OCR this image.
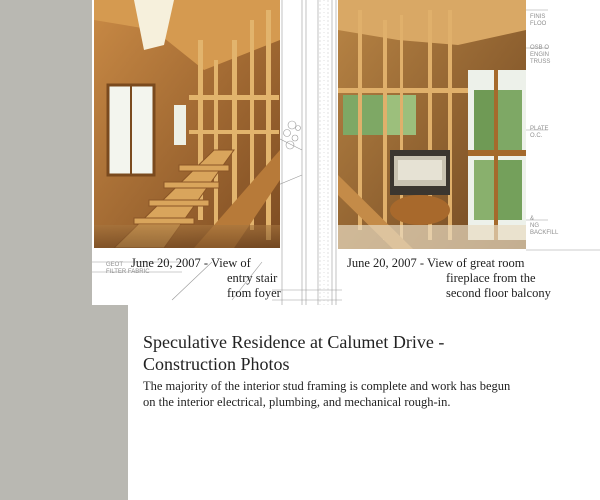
GEOT
FILTER FABRIC
FINIS
FLOO
OSB O
ENGIN
TRUSS
PLATE
O.C.
&
NG
BACKFILL
June 20, 2007 - View of
entry stair
from foyer
June 20, 2007 - View of great room
fireplace from the
second floor balcony
Speculative Residence at Calumet Drive -
Construction Photos

The majority of the interior stud framing is complete and work has begun
on the interior electrical, plumbing, and mechanical rough-in.
